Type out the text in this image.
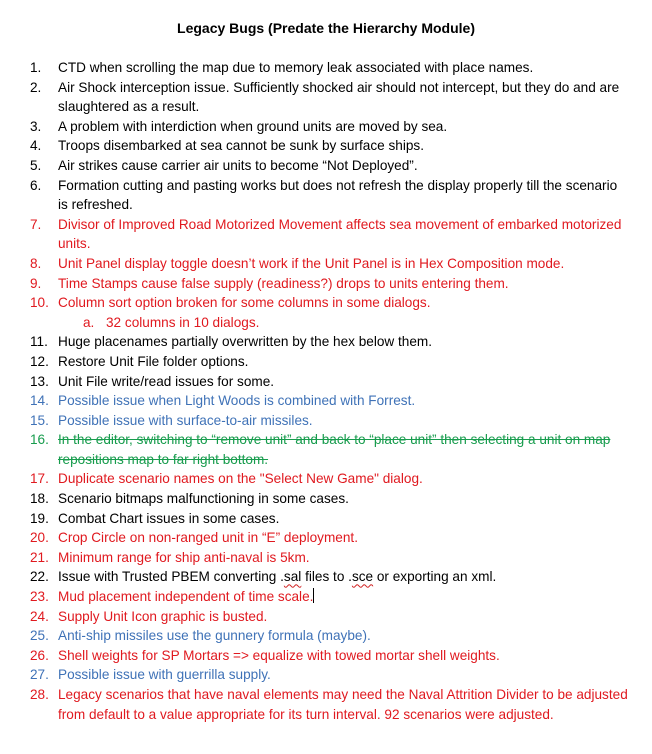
Legacy Bugs (Predate the Hierarchy Module)
1. CTD when scrolling the map due to memory leak associated with place names.
2. Air Shock interception issue. Sufficiently shocked air should not intercept, but they do and are slaughtered as a result.
3. A problem with interdiction when ground units are moved by sea.
4. Troops disembarked at sea cannot be sunk by surface ships.
5. Air strikes cause carrier air units to become “Not Deployed”.
6. Formation cutting and pasting works but does not refresh the display properly till the scenario is refreshed.
7. Divisor of Improved Road Motorized Movement affects sea movement of embarked motorized units.
8. Unit Panel display toggle doesn’t work if the Unit Panel is in Hex Composition mode.
9. Time Stamps cause false supply (readiness?) drops to units entering them.
10. Column sort option broken for some columns in some dialogs.
a. 32 columns in 10 dialogs.
11. Huge placenames partially overwritten by the hex below them.
12. Restore Unit File folder options.
13. Unit File write/read issues for some.
14. Possible issue when Light Woods is combined with Forrest.
15. Possible issue with surface-to-air missiles.
16. In the editor, switching to “remove unit” and back to “place unit” then selecting a unit on map repositions map to far right bottom.
17. Duplicate scenario names on the "Select New Game" dialog.
18. Scenario bitmaps malfunctioning in some cases.
19. Combat Chart issues in some cases.
20. Crop Circle on non-ranged unit in “E” deployment.
21. Minimum range for ship anti-naval is 5km.
22. Issue with Trusted PBEM converting .sal files to .sce or exporting an xml.
23. Mud placement independent of time scale.
24. Supply Unit Icon graphic is busted.
25. Anti-ship missiles use the gunnery formula (maybe).
26. Shell weights for SP Mortars => equalize with towed mortar shell weights.
27. Possible issue with guerrilla supply.
28. Legacy scenarios that have naval elements may need the Naval Attrition Divider to be adjusted from default to a value appropriate for its turn interval. 92 scenarios were adjusted.
